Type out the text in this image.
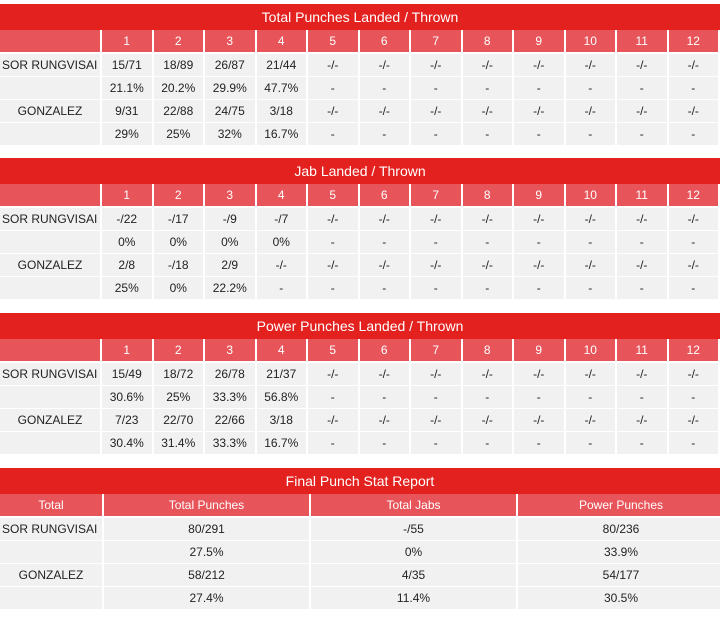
Total Punches Landed / Thrown
	1	2	3	4	5	6	7	8	9	10	11	12
SOR RUNGVISAI	15/71	18/89	26/87	21/44	-/-	-/-	-/-	-/-	-/-	-/-	-/-	-/-
	21.1%	20.2%	29.9%	47.7%	-	-	-	-	-	-	-	-
GONZALEZ	9/31	22/88	24/75	3/18	-/-	-/-	-/-	-/-	-/-	-/-	-/-	-/-
	29%	25%	32%	16.7%	-	-	-	-	-	-	-	-
Jab Landed / Thrown
	1	2	3	4	5	6	7	8	9	10	11	12
SOR RUNGVISAI	-/22	-/17	-/9	-/7	-/-	-/-	-/-	-/-	-/-	-/-	-/-	-/-
	0%	0%	0%	0%	-	-	-	-	-	-	-	-
GONZALEZ	2/8	-/18	2/9	-/-	-/-	-/-	-/-	-/-	-/-	-/-	-/-	-/-
	25%	0%	22.2%	-	-	-	-	-	-	-	-	-
Power Punches Landed / Thrown
	1	2	3	4	5	6	7	8	9	10	11	12
SOR RUNGVISAI	15/49	18/72	26/78	21/37	-/-	-/-	-/-	-/-	-/-	-/-	-/-	-/-
	30.6%	25%	33.3%	56.8%	-	-	-	-	-	-	-	-
GONZALEZ	7/23	22/70	22/66	3/18	-/-	-/-	-/-	-/-	-/-	-/-	-/-	-/-
	30.4%	31.4%	33.3%	16.7%	-	-	-	-	-	-	-	-
Final Punch Stat Report
Total	Total Punches	Total Jabs	Power Punches
SOR RUNGVISAI	80/291	-/55	80/236
	27.5%	0%	33.9%
GONZALEZ	58/212	4/35	54/177
	27.4%	11.4%	30.5%
